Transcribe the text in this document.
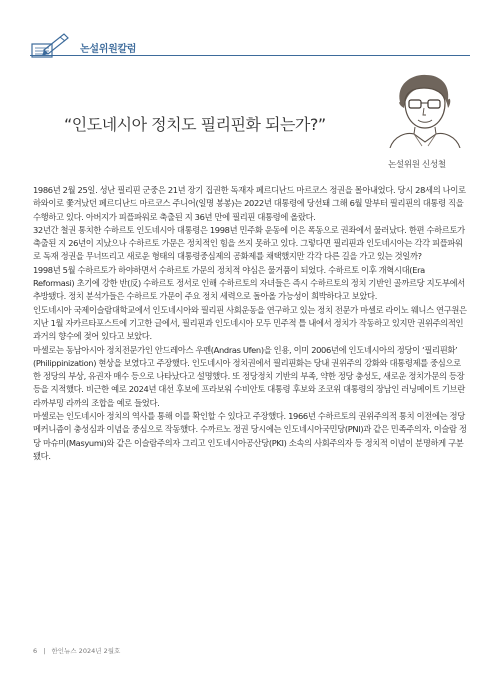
논설위원칼럼
“인도네시아 정치도 필리핀화 되는가?”
논설위원 신성철

1986년 2월 25일. 성난 필리핀 군중은 21년 장기 집권한 독재자 페르디난드 마르코스 정권을 몰아내었다. 당시 28세의 나이로 하와이로 쫓겨났던 페르디난드 마르코스 주니어(일명 봉봉)는 2022년 대통령에 당선돼 그해 6월 말부터 필리핀의 대통령 직을 수행하고 있다. 아버지가 피플파워로 축출된 지 36년 만에 필리핀 대통령에 올랐다.

32년간 철권 통치한 수하르토 인도네시아 대통령은 1998년 민주화 운동에 이은 폭동으로 권좌에서 물러났다. 한편 수하르토가 축출된 지 26년이 지났으나 수하르토 가문은 정치적인 힘을 쓰지 못하고 있다. 그렇다면 필리핀과 인도네시아는 각각 피플파워로 독재 정권을 무너뜨리고 새로운 형태의 대통령중심제의 공화제를 채택했지만 각각 다른 길을 가고 있는 것일까?

1998년 5월 수하르토가 하야하면서 수하르토 가문의 정치적 야심은 물거품이 되었다. 수하르토 이후 개혁시대(Era Reformasi) 초기에 강한 반(反) 수하르토 정서로 인해 수하르토의 자녀들은 즉시 수하르토의 정치 기반인 골까르당 지도부에서 추방됐다. 정치 분석가들은 수하르토 가문이 주요 정치 세력으로 돌아올 가능성이 희박하다고 보았다.

인도네시아 국제이슬람대학교에서 인도네시아와 필리핀 사회운동을 연구하고 있는 정치 전문가 마셀로 라이노 웨니스 연구원은 지난 1월 자카르타포스트에 기고한 글에서, 필리핀과 인도네시아 모두 민주적 틀 내에서 정치가 작동하고 있지만 권위주의적인 과거의 향수에 젖어 있다고 보았다.

마셀로는 동남아시아 정치전문가인 안드레아스 우펜(Andras Ufen)을 인용, 이미 2006년에 인도네시아의 정당이 ‘필리핀화’ (Philippinization) 현상을 보였다고 주장했다. 인도네시아 정치권에서 필리핀화는 당내 권위주의 강화와 대통령제를 중심으로 한 정당의 부상, 유권자 매수 등으로 나타났다고 설명했다. 또 정당정치 기반의 부족, 약한 정당 충성도, 새로운 정치가문의 등장 등을 지적했다. 비근한 예로 2024년 대선 후보에 프라보워 수비안토 대통령 후보와 조코위 대통령의 장남인 러닝메이트 기브란 라까부밍 라까의 조합을 예로 들었다.

마셀로는 인도네시아 정치의 역사를 통해 이를 확인할 수 있다고 주장했다. 1966년 수하르토의 권위주의적 통치 이전에는 정당 메커니즘이 충성심과 이념을 중심으로 작동했다. 수까르노 정권 당시에는 인도네시아국민당(PNI)과 같은 민족주의자, 이슬람 정당 마슈미(Masyumi)와 같은 이슬람주의자 그리고 인도네시아공산당(PKI) 소속의 사회주의자 등 정치적 이념이 분명하게 구분됐다.

6 | 한인뉴스 2024년 2월호
